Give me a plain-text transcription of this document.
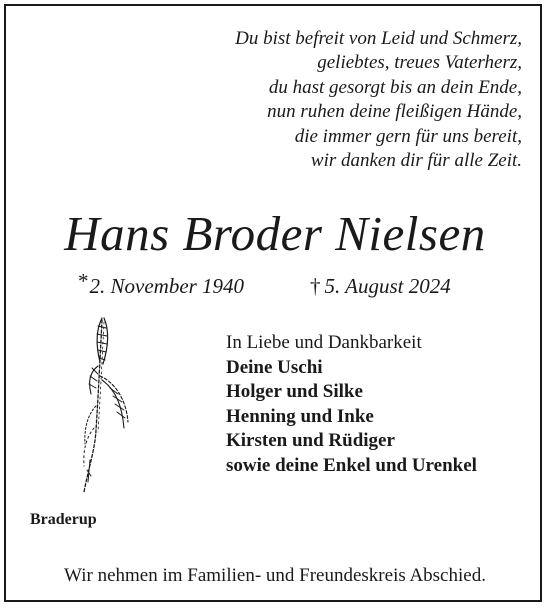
Du bist befreit von Leid und Schmerz,
geliebtes, treues Vaterherz,
du hast gesorgt bis an dein Ende,
nun ruhen deine fleißigen Hände,
die immer gern für uns bereit,
wir danken dir für alle Zeit.
Hans Broder Nielsen
*2. November 1940	† 5. August 2024
In Liebe und Dankbarkeit
Deine Uschi
Holger und Silke
Henning und Inke
Kirsten und Rüdiger
sowie deine Enkel und Urenkel
Braderup
Wir nehmen im Familien- und Freundeskreis Abschied.
